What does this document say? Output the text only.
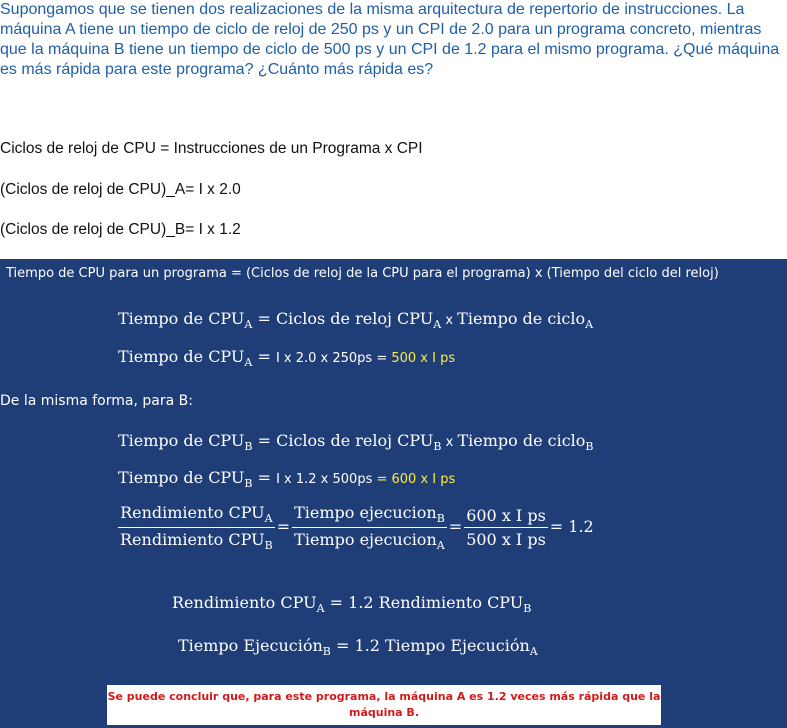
Supongamos que se tienen dos realizaciones de la misma arquitectura de repertorio de instrucciones. La máquina A tiene un tiempo de ciclo de reloj de 250 ps y un CPI de 2.0 para un programa concreto, mientras que la máquina B tiene un tiempo de ciclo de 500 ps y un CPI de 1.2 para el mismo programa. ¿Qué máquina es más rápida para este programa? ¿Cuánto más rápida es?
Ciclos de reloj de CPU = Instrucciones de un Programa x CPI
(Ciclos de reloj de CPU)_A= I x 2.0
(Ciclos de reloj de CPU)_B= I x 1.2
Tiempo de CPU para un programa = (Ciclos de reloj de la CPU para el programa) x (Tiempo del ciclo del reloj)
Tiempo de $CPU_A$ = Ciclos de reloj $CPU_A$ x Tiempo de ciclo$_A$
Tiempo de $CPU_A = I$ x 2.0 x 250ps = 500 x I ps
De la misma forma, para B:
Tiempo de $CPU_B$ = Ciclos de reloj $CPU_B$ x Tiempo de ciclo$_B$
Tiempo de $CPU_B = I$ x 1.2 x 500ps = 600 x I ps
$\frac{Rendimiento CPU_A}{Rendimiento CPU_B} = \frac{Tiempo ejecucion_B}{Tiempo ejecucion_A} = \frac{\text{600 x I ps}}{\text{500 x I ps}} = 1.2$
Rendimiento $CPU_A = 1.2$ Rendimiento $CPU_B$
Tiempo Ejecución$_B$ = 1.2 Tiempo Ejecución$_A$
Se puede concluir que, para este programa, la máquina A es 1.2 veces más rápida que la máquina B.
